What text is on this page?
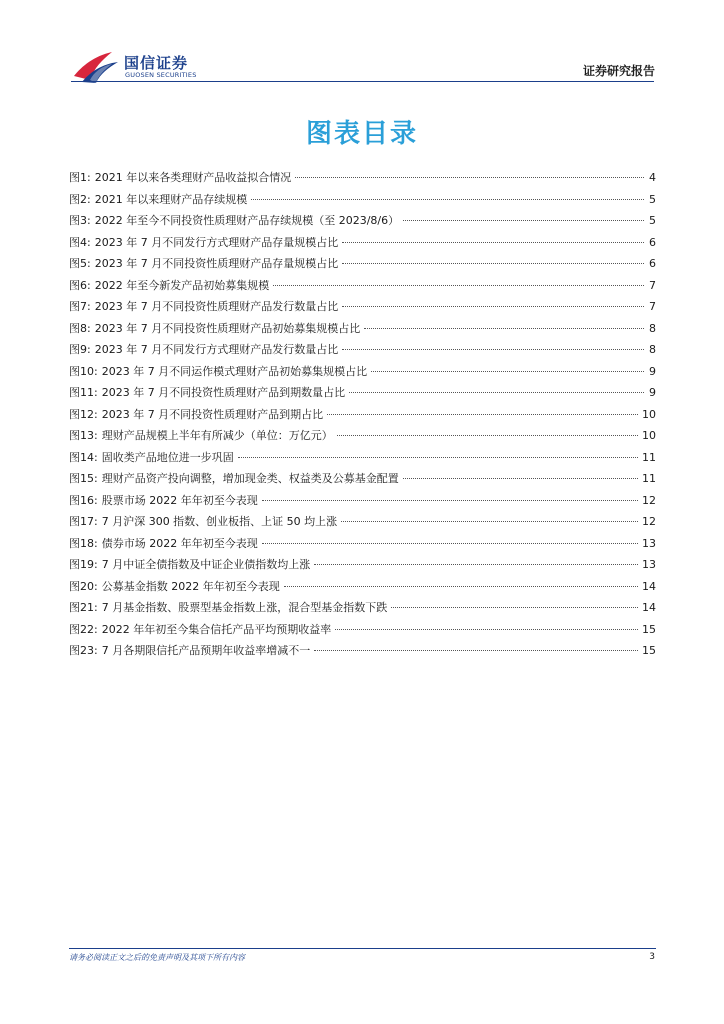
国信证券
GUOSEN SECURITIES	证券研究报告
图表目录
图1: 2021 年以来各类理财产品收益拟合情况	4
图2: 2021 年以来理财产品存续规模	5
图3: 2022 年至今不同投资性质理财产品存续规模（至 2023/8/6）	5
图4: 2023 年 7 月不同发行方式理财产品存量规模占比	6
图5: 2023 年 7 月不同投资性质理财产品存量规模占比	6
图6: 2022 年至今新发产品初始募集规模	7
图7: 2023 年 7 月不同投资性质理财产品发行数量占比	7
图8: 2023 年 7 月不同投资性质理财产品初始募集规模占比	8
图9: 2023 年 7 月不同发行方式理财产品发行数量占比	8
图10: 2023 年 7 月不同运作模式理财产品初始募集规模占比	9
图11: 2023 年 7 月不同投资性质理财产品到期数量占比	9
图12: 2023 年 7 月不同投资性质理财产品到期占比	10
图13: 理财产品规模上半年有所减少（单位：万亿元）	10
图14: 固收类产品地位进一步巩固	11
图15: 理财产品资产投向调整，增加现金类、权益类及公募基金配置	11
图16: 股票市场 2022 年年初至今表现	12
图17: 7 月沪深 300 指数、创业板指、上证 50 均上涨	12
图18: 债券市场 2022 年年初至今表现	13
图19: 7 月中证全债指数及中证企业债指数均上涨	13
图20: 公募基金指数 2022 年年初至今表现	14
图21: 7 月基金指数、股票型基金指数上涨，混合型基金指数下跌	14
图22: 2022 年年初至今集合信托产品平均预期收益率	15
图23: 7 月各期限信托产品预期年收益率增减不一	15
请务必阅读正文之后的免责声明及其项下所有内容	3
